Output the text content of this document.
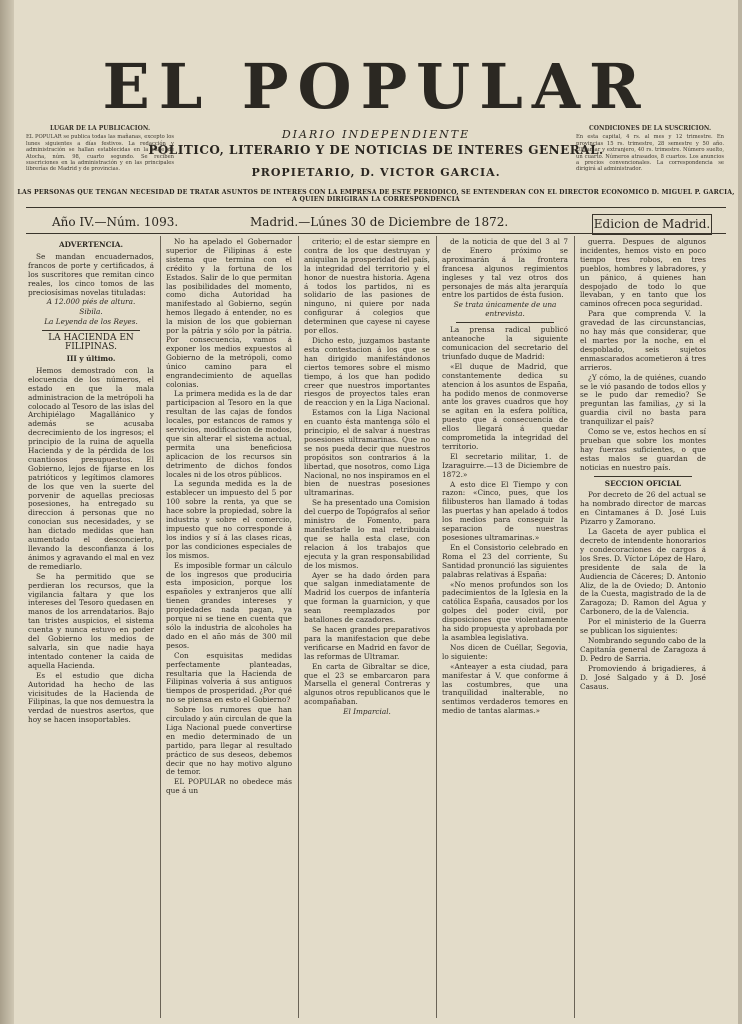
EL POPULAR
LUGAR DE LA PUBLICACION.

EL POPULAR se publica todas las mañanas, excepto los lunes siguientes a días festivos. La redacción y administración se hallan establecidas en la calle de Atocha, núm. 98, cuarto segundo. Se reciben suscriciones en la administración y en las principales librerías de Madrid y de provincias.

CONDICIONES DE LA SUSCRICION.

En esta capital, 4 rs. al mes y 12 trimestre. En provincias 15 rs. trimestre, 28 semestre y 50 año. Ultramar y extranjero, 40 rs. trimestre. Número suelto, un cuarto. Números atrasados, 8 cuartos. Los anuncios a precios convencionales. La correspondencia se dirigirá al administrador.

DIARIO INDEPENDIENTE
POLITICO, LITERARIO Y DE NOTICIAS DE INTERES GENERAL.
PROPIETARIO, D. VICTOR GARCIA.
LAS PERSONAS QUE TENGAN NECESIDAD DE TRATAR ASUNTOS DE INTERES CON LA EMPRESA DE ESTE PERIODICO, SE ENTENDERAN CON EL DIRECTOR ECONOMICO D. MIGUEL P. GARCIA, A QUIEN DIRIGIRAN LA CORRESPONDENCIA
Año IV.—Núm. 1093.	Madrid.—Lúnes 30 de Diciembre de 1872.	Edicion de Madrid.

ADVERTENCIA.

Se mandan encuadernados, francos de porte y certificados, á los suscritores que remitan cinco reales, los cinco tomos de las preciosísimas novelas tituladas:

A 12.000 piés de altura.

Sibila.

La Leyenda de los Reyes.

LA HACIENDA EN FILIPINAS.

III y último.

Hemos demostrado con la elocuencia de los números, el estado en que la mala administracion de la metrópoli ha colocado al Tesoro de las islas del Archipiélago Magallánico y además se acusaba decrecimiento de los ingresos; el principio de la ruina de aquella Hacienda y de la pérdida de los cuantiosos presupuestos. El Gobierno, lejos de fijarse en los patrióticos y legítimos clamores de los que ven la suerte del porvenir de aquellas preciosas posesiones, ha entregado su direccion á personas que no conocian sus necesidades, y se han dictado medidas que han aumentado el desconcierto, llevando la desconfianza á los ánimos y agravando el mal en vez de remediarlo.

Se ha permitido que se perdieran los recursos, que la vigilancia faltara y que los intereses del Tesoro quedasen en manos de los arrendatarios. Bajo tan tristes auspicios, el sistema cuenta y nunca estuvo en poder del Gobierno los medios de salvarla, sin que nadie haya intentado contener la caida de aquella Hacienda.

Es el estudio que dicha Autoridad ha hecho de las vicisitudes de la Hacienda de Filipinas, la que nos demuestra la verdad de nuestros asertos, que hoy se hacen insoportables.

No ha apelado el Gobernador superior de Filipinas á este sistema que termina con el crédito y la fortuna de los Estados. Salir de lo que permitan las posibilidades del momento, como dicha Autoridad ha manifestado al Gobierno, según hemos llegado á entender, no es la mision de los que gobiernan por la pátria y sólo por la pátria. Por consecuencia, vamos á exponer los medios expuestos al Gobierno de la metrópoli, como único camino para el engrandecimiento de aquellas colonias.

La primera medida es la de dar participacion al Tesoro en la que resultan de las cajas de fondos locales, por estancos de ramos y servicios, modificacion de modos, que sin alterar el sistema actual, permita una beneficiosa aplicacion de los recursos sin detrimento de dichos fondos locales ni de los otros públicos.

La segunda medida es la de establecer un impuesto del 5 por 100 sobre la renta, ya que se hace sobre la propiedad, sobre la industria y sobre el comercio, impuesto que no corresponde á los indios y sí á las clases ricas, por las condiciones especiales de los mismos.

Es imposible formar un cálculo de los ingresos que produciria esta imposicion, porque los españoles y extranjeros que allí tienen grandes intereses y propiedades nada pagan, ya porque ni se tiene en cuenta que sólo la industria de alcoholes ha dado en el año más de 300 mil pesos.

Con esquisitas medidas perfectamente planteadas, resultaria que la Hacienda de Filipinas volveria á sus antiguos tiempos de prosperidad. ¿Por qué no se piensa en esto el Gobierno?

Sobre los rumores que han circulado y aún circulan de que la Liga Nacional puede convertirse en medio determinado de un partido, para llegar al resultado práctico de sus deseos, debemos decir que no hay motivo alguno de temor.

EL POPULAR no obedece más que á un

criterio; el de estar siempre en contra de los que destruyan y aniquilan la prosperidad del país, la integridad del territorio y el honor de nuestra historia. Agena á todos los partidos, ni es solidario de las pasiones de ninguno, ni quiere por nada configurar á colegios que determinen que cayese ni cayese por ellos.

Dicho esto, juzgamos bastante esta contestacion á los que se han dirigido manifestándonos ciertos temores sobre el mismo tiempo, á los que han podido creer que nuestros importantes riesgos de proyectos tales eran de reaccion y en la Liga Nacional.

Estamos con la Liga Nacional en cuanto ésta mantenga sólo el principio, el de salvar á nuestras posesiones ultramarinas. Que no se nos pueda decir que nuestros propósitos son contrarios á la libertad, que nosotros, como Liga Nacional, no nos inspiramos en el bien de nuestras posesiones ultramarinas.

Se ha presentado una Comision del cuerpo de Topógrafos al señor ministro de Fomento, para manifestarle lo mal retribuida que se halla esta clase, con relacion á los trabajos que ejecuta y la gran responsabilidad de los mismos.

Ayer se ha dado órden para que salgan inmediatamente de Madrid los cuerpos de infantería que forman la guarnicion, y que sean reemplazados por batallones de cazadores.

Se hacen grandes preparativos para la manifestacion que debe verificarse en Madrid en favor de las reformas de Ultramar.

En carta de Gibraltar se dice, que el 23 se embarcaron para Marsella el general Contreras y algunos otros republicanos que le acompañaban.

El Imparcial.

de la noticia de que del 3 al 7 de Enero próximo se aproximarán á la frontera francesa algunos regimientos ingleses y tal vez otros dos personajes de más alta jerarquía entre los partidos de ésta fusion.

Se trata únicamente de una entrevista.

La prensa radical publicó anteanoche la siguiente comunicacion del secretario del triunfado duque de Madrid:

«El duque de Madrid, que constantemente dedica su atencion á los asuntos de España, ha podido menos de conmoverse ante los graves cuadros que hoy se agitan en la esfera política, puesto que á consecuencia de ellos llegará á quedar comprometida la integridad del territorio.

El secretario militar, 1. de Izaraguirre.—13 de Diciembre de 1872.»

A esto dice El Tiempo y con razon: «Cinco, pues, que los filibusteros han llamado á todas las puertas y han apelado á todos los medios para conseguir la separacion de nuestras posesiones ultramarinas.»

En el Consistorio celebrado en Roma el 23 del corriente, Su Santidad pronunció las siguientes palabras relativas á España:

«No menos profundos son los padecimientos de la Iglesia en la católica España, causados por los golpes del poder civil, por disposiciones que violentamente ha sido propuesta y aprobada por la asamblea legislativa.

Nos dicen de Cuéllar, Segovia, lo siguiente:

«Anteayer a esta ciudad, para manifestar á V. que conforme á las costumbres, que una tranquilidad inalterable, no sentimos verdaderos temores en medio de tantas alarmas.»

guerra. Despues de algunos incidentes, hemos visto en poco tiempo tres robos, en tres pueblos, hombres y labradores, y un pánico, á quienes han despojado de todo lo que llevaban, y en tanto que los caminos ofrecen poca seguridad.

Para que comprenda V. la gravedad de las circunstancias, no hay más que considerar, que el martes por la noche, en el despoblado, seis sujetos enmascarados acometieron á tres arrieros.

¿Y cómo, la de quiénes, cuando se le vió pasando de todos ellos y se le pudo dar remedio? Se preguntan las familias, ¿y si la guardia civil no basta para tranquilizar el país?

Como se ve, estos hechos en sí prueban que sobre los montes hay fuerzas suficientes, o que estas malos se guardan de noticias en nuestro país.

SECCION OFICIAL

Por decreto de 26 del actual se ha nombrado director de marcas en Cintamanes á D. José Luis Pizarro y Zamorano.

La Gaceta de ayer publica el decreto de intendente honorarios y condecoraciones de cargos á los Sres. D. Víctor López de Haro, presidente de sala de la Audiencia de Cáceres; D. Antonio Aliz, de la de Oviedo; D. Antonio de la Cuesta, magistrado de la de Zaragoza; D. Ramon del Agua y Carbonero, de la de Valencia.

Por el ministerio de la Guerra se publican los siguientes:

Nombrando segundo cabo de la Capitanía general de Zaragoza á D. Pedro de Sarria.

Promoviendo á brigadieres, á D. José Salgado y á D. José Casaus.
